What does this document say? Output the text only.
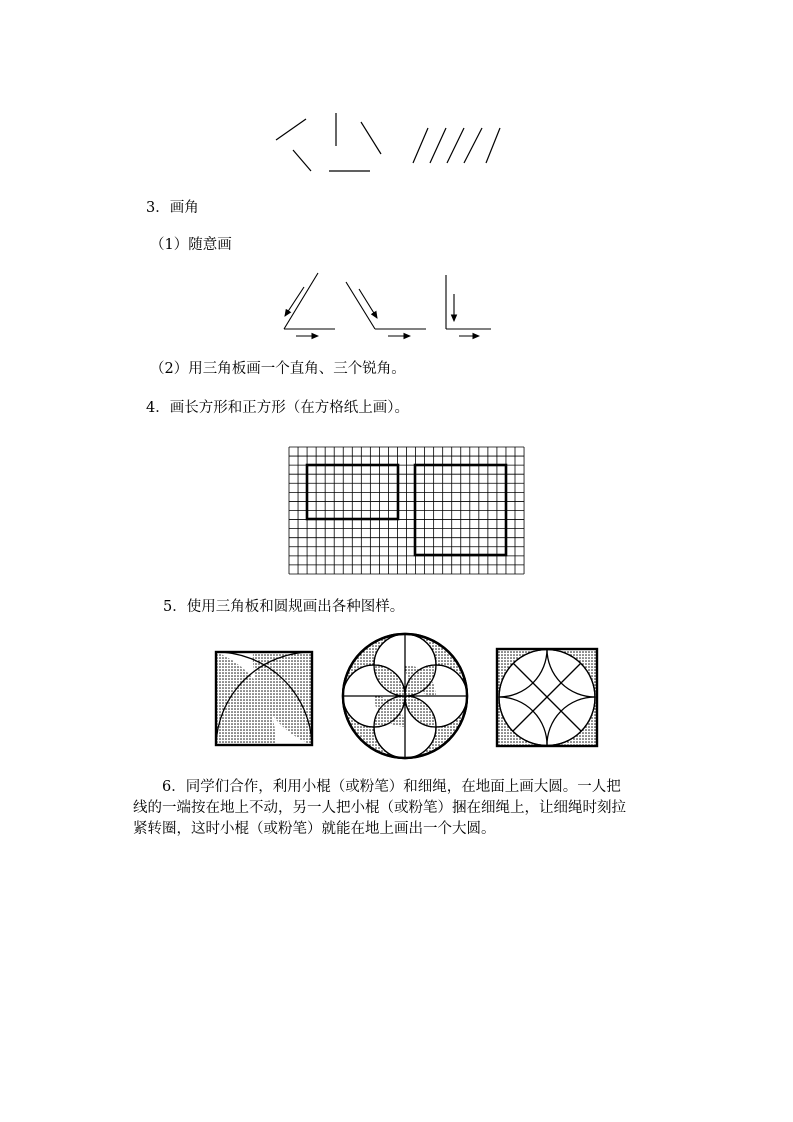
3．画角
（1）随意画
（2）用三角板画一个直角、三个锐角。
4．画长方形和正方形（在方格纸上画）。
5．使用三角板和圆规画出各种图样。
6．同学们合作，利用小棍（或粉笔）和细绳，在地面上画大圆。一人把
线的一端按在地上不动，另一人把小棍（或粉笔）捆在细绳上，让细绳时刻拉
紧转圈，这时小棍（或粉笔）就能在地上画出一个大圆。
